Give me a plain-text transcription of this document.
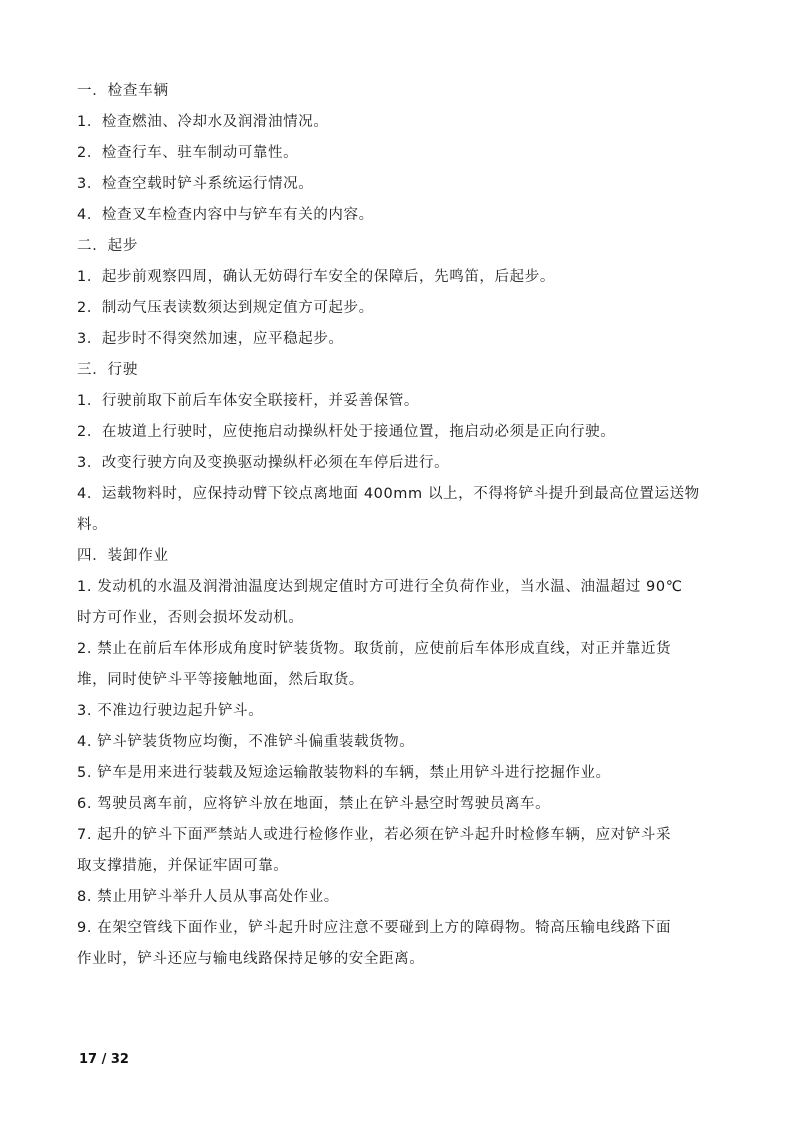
一．检查车辆
1．检查燃油、冷却水及润滑油情况。
2．检查行车、驻车制动可靠性。
3．检查空载时铲斗系统运行情况。
4．检查叉车检查内容中与铲车有关的内容。
二．起步
1．起步前观察四周，确认无妨碍行车安全的保障后，先鸣笛，后起步。
2．制动气压表读数须达到规定值方可起步。
3．起步时不得突然加速，应平稳起步。
三．行驶
1．行驶前取下前后车体安全联接杆，并妥善保管。
2．在坡道上行驶时，应使拖启动操纵杆处于接通位置，拖启动必须是正向行驶。
3．改变行驶方向及变换驱动操纵杆必须在车停后进行。
4．运载物料时，应保持动臂下铰点离地面 400mm 以上，不得将铲斗提升到最高位置运送物
料。
四．装卸作业
1. 发动机的水温及润滑油温度达到规定值时方可进行全负荷作业，当水温、油温超过 90℃
时方可作业，否则会损坏发动机。
2. 禁止在前后车体形成角度时铲装货物。取货前，应使前后车体形成直线，对正并靠近货
堆，同时使铲斗平等接触地面，然后取货。
3. 不准边行驶边起升铲斗。
4. 铲斗铲装货物应均衡，不准铲斗偏重装载货物。
5. 铲车是用来进行装载及短途运输散装物料的车辆，禁止用铲斗进行挖掘作业。
6. 驾驶员离车前，应将铲斗放在地面，禁止在铲斗悬空时驾驶员离车。
7. 起升的铲斗下面严禁站人或进行检修作业，若必须在铲斗起升时检修车辆，应对铲斗采
取支撑措施，并保证牢固可靠。
8. 禁止用铲斗举升人员从事高处作业。
9. 在架空管线下面作业，铲斗起升时应注意不要碰到上方的障碍物。犄高压输电线路下面
作业时，铲斗还应与输电线路保持足够的安全距离。
17 / 32
